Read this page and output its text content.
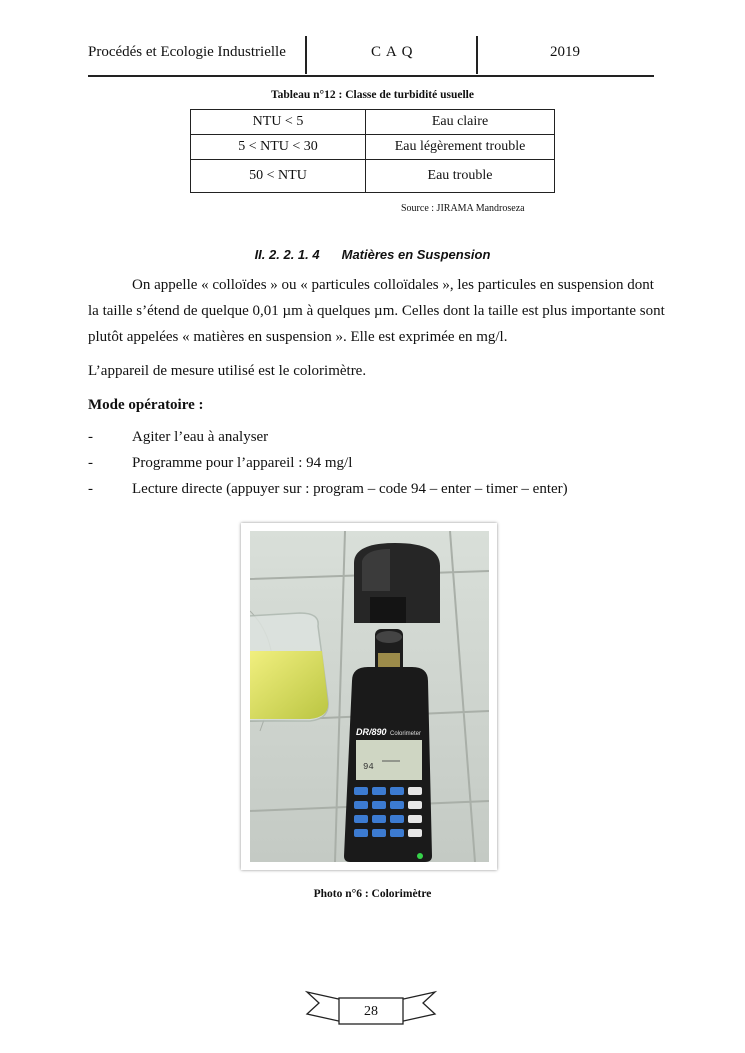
Procédés et Ecologie Industrielle	C A Q	2019
Tableau n°12 : Classe de turbidité usuelle
NTU < 5	Eau claire
5 < NTU < 30	Eau légèrement trouble
50 < NTU	Eau trouble
Source : JIRAMA Mandroseza
II. 2. 2. 1. 4 Matières en Suspension
On appelle « colloïdes » ou « particules colloïdales », les particules en suspension dont
la taille s’étend de quelque 0,01 µm à quelques µm. Celles dont la taille est plus importante sont
plutôt appelées « matières en suspension ». Elle est exprimée en mg/l.
L’appareil de mesure utilisé est le colorimètre.
Mode opératoire :
-	Agiter l’eau à analyser
-	Programme pour l’appareil : 94 mg/l
-	Lecture directe (appuyer sur : program – code 94 – enter – timer – enter)
DR/890 Colorimeter
94
Photo n°6 : Colorimètre
28
